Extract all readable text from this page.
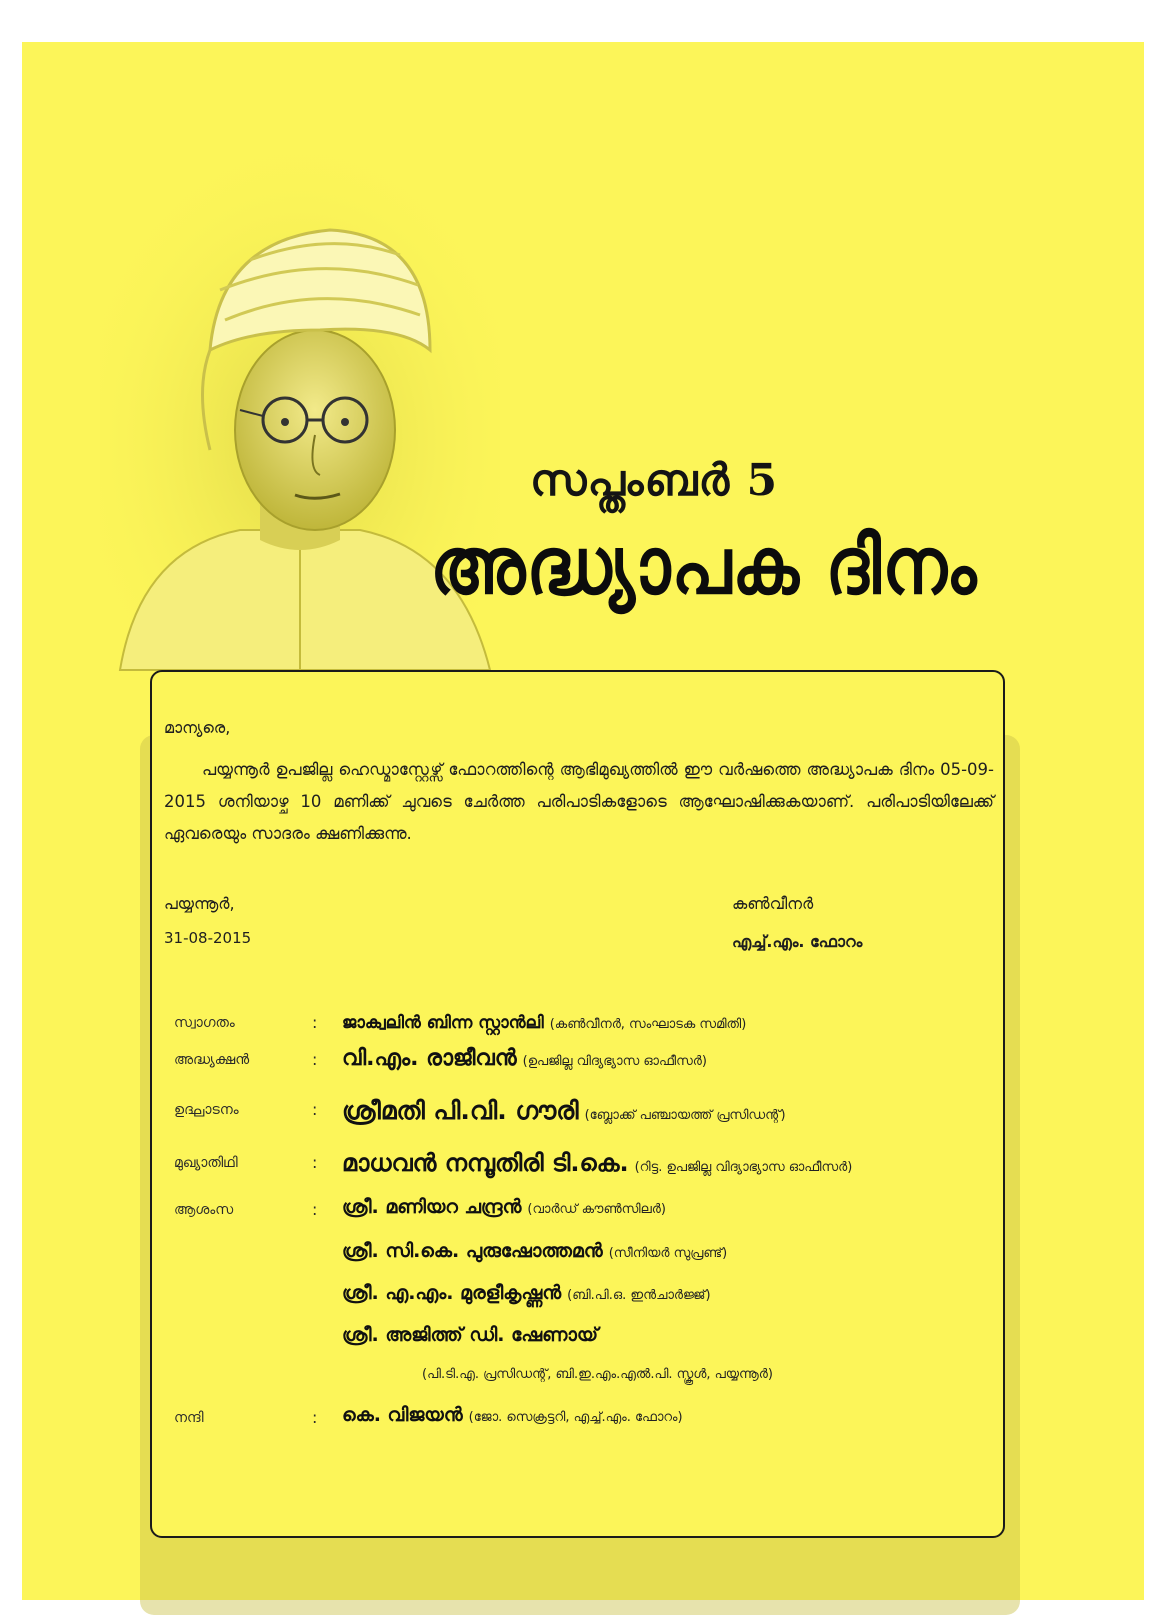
സപ്തംബർ 5
അദ്ധ്യാപക ദിനം
മാന്യരെ,
പയ്യന്നൂർ ഉപജില്ല ഹെഡ്മാസ്റ്റേഴ്സ് ഫോറത്തിന്റെ ആഭിമുഖ്യത്തിൽ ഈ വർഷത്തെ അദ്ധ്യാപക ദിനം 05-09-2015 ശനിയാഴ്ച 10 മണിക്ക് ചുവടെ ചേർത്ത പരിപാടികളോടെ ആഘോഷിക്കുകയാണ്. പരിപാടിയിലേക്ക് ഏവരെയും സാദരം ക്ഷണിക്കുന്നു.
പയ്യന്നൂർ,
31-08-2015
കൺവീനർ
എച്ച്.എം. ഫോറം
സ്വാഗതം	: ജാക്വലിൻ ബിന്ന സ്റ്റാൻലി (കൺവീനർ, സംഘാടക സമിതി)
അദ്ധ്യക്ഷൻ	: വി.എം. രാജീവൻ (ഉപജില്ല വിദ്യഭ്യാസ ഓഫീസർ)
ഉദ്ഘാടനം	: ശ്രീമതി പി.വി. ഗൗരി (ബ്ലോക്ക് പഞ്ചായത്ത് പ്രസിഡന്റ്)
മുഖ്യാതിഥി	: മാധവൻ നമ്പൂതിരി ടി.കെ. (റിട്ട. ഉപജില്ല വിദ്യാഭ്യാസ ഓഫീസർ)
ആശംസ	: ശ്രീ. മണിയറ ചന്ദ്രൻ (വാർഡ് കൗൺസിലർ)
ശ്രീ. സി.കെ. പുരുഷോത്തമൻ (സീനിയർ സുപ്രണ്ട്)
ശ്രീ. എ.എം. മുരളീകൃഷ്ണൻ (ബി.പി.ഒ. ഇൻചാർജ്ജ്)
ശ്രീ. അജിത്ത് ഡി. ഷേണായ്
(പി.ടി.എ. പ്രസിഡന്റ്, ബി.ഇ.എം.എൽ.പി. സ്കൂൾ, പയ്യന്നൂർ)
നന്ദി	: കെ. വിജയൻ (ജോ. സെക്രട്ടറി, എച്ച്.എം. ഫോറം)
